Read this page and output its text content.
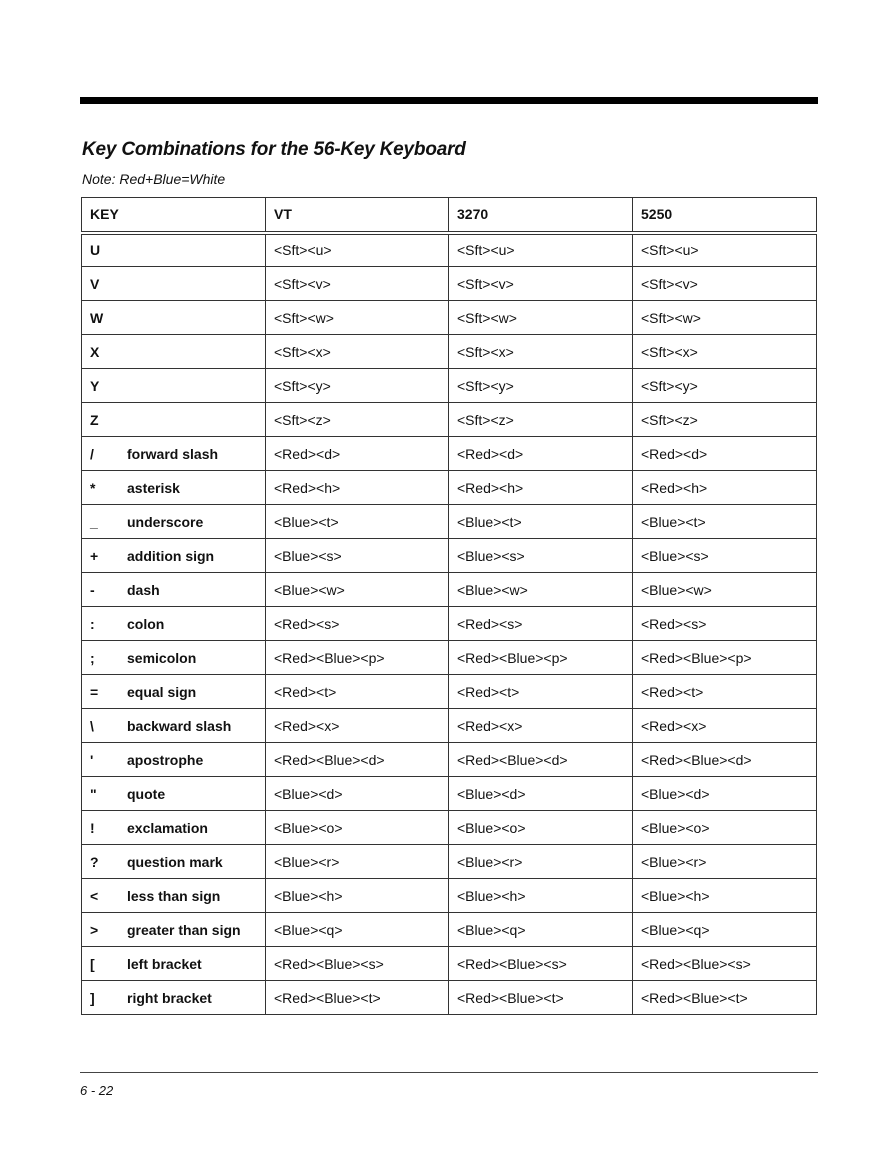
Key Combinations for the 56-Key Keyboard

Note: Red+Blue=White

KEY	VT	3270	5250
U	<Sft><u>	<Sft><u>	<Sft><u>
V	<Sft><v>	<Sft><v>	<Sft><v>
W	<Sft><w>	<Sft><w>	<Sft><w>
X	<Sft><x>	<Sft><x>	<Sft><x>
Y	<Sft><y>	<Sft><y>	<Sft><y>
Z	<Sft><z>	<Sft><z>	<Sft><z>
/ forward slash	<Red><d>	<Red><d>	<Red><d>
* asterisk	<Red><h>	<Red><h>	<Red><h>
_ underscore	<Blue><t>	<Blue><t>	<Blue><t>
+ addition sign	<Blue><s>	<Blue><s>	<Blue><s>
- dash	<Blue><w>	<Blue><w>	<Blue><w>
: colon	<Red><s>	<Red><s>	<Red><s>
; semicolon	<Red><Blue><p>	<Red><Blue><p>	<Red><Blue><p>
= equal sign	<Red><t>	<Red><t>	<Red><t>
\ backward slash	<Red><x>	<Red><x>	<Red><x>
' apostrophe	<Red><Blue><d>	<Red><Blue><d>	<Red><Blue><d>
" quote	<Blue><d>	<Blue><d>	<Blue><d>
! exclamation	<Blue><o>	<Blue><o>	<Blue><o>
? question mark	<Blue><r>	<Blue><r>	<Blue><r>
< less than sign	<Blue><h>	<Blue><h>	<Blue><h>
> greater than sign	<Blue><q>	<Blue><q>	<Blue><q>
[ left bracket	<Red><Blue><s>	<Red><Blue><s>	<Red><Blue><s>
] right bracket	<Red><Blue><t>	<Red><Blue><t>	<Red><Blue><t>

6 - 22
